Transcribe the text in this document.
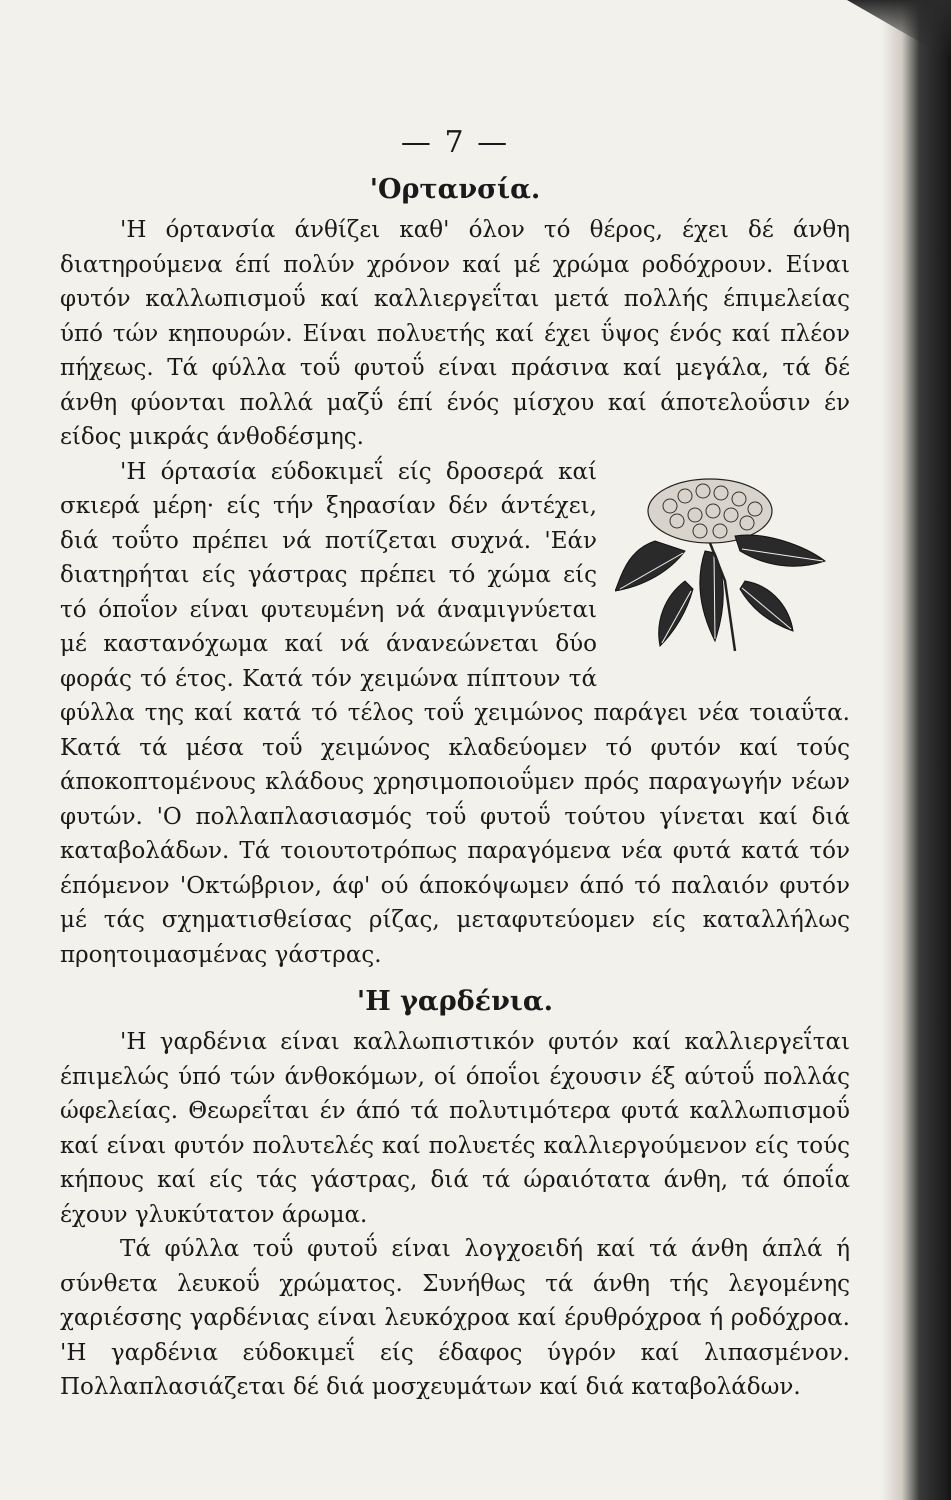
— 7 —
'Ορτανσία.

'Η όρτανσία άνθίζει καθ' όλον τό θέρος, έχει δέ άνθη διατηρούμενα έπί πολύν χρόνον καί μέ χρώμα ροδόχρουν. Είναι φυτόν καλλωπισμοΰ καί καλλιεργεΐται μετά πολλής έπιμελείας ύπό τών κηπουρών. Είναι πολυετής καί έχει ΰψος ένός καί πλέον πήχεως. Τά φύλλα τοΰ φυτοΰ είναι πράσινα καί μεγάλα, τά δέ άνθη φύονται πολλά μαζΰ έπί ένός μίσχου καί άποτελοΰσιν έν είδος μικράς άνθοδέσμης.

'Η όρτασία εύδοκιμεΐ είς δροσερά καί σκιερά μέρη· είς τήν ξηρασίαν δέν άντέχει, διά τοΰτο πρέπει νά ποτίζεται συχνά. 'Εάν διατηρήται είς γάστρας πρέπει τό χώμα είς τό όποΐον είναι φυτευμένη νά άναμιγνύεται μέ καστανόχωμα καί νά άνανεώνεται δύο φοράς τό έτος. Κατά τόν χειμώνα πίπτουν τά φύλλα της καί κατά τό τέλος τοΰ χειμώνος παράγει νέα τοιαΰτα. Κατά τά μέσα τοΰ χειμώνος κλαδεύομεν τό φυτόν καί τούς άποκοπτομένους κλάδους χρησιμοποιοΰμεν πρός παραγωγήν νέων φυτών. 'Ο πολλαπλασιασμός τοΰ φυτοΰ τούτου γίνεται καί διά καταβολάδων. Τά τοιουτοτρόπως παραγόμενα νέα φυτά κατά τόν έπόμενον 'Οκτώβριον, άφ' ού άποκόψωμεν άπό τό παλαιόν φυτόν μέ τάς σχηματισθείσας ρίζας, μεταφυτεύομεν είς καταλλήλως προητοιμασμένας γάστρας.

'Η γαρδένια.

'Η γαρδένια είναι καλλωπιστικόν φυτόν καί καλλιεργεΐται έπιμελώς ύπό τών άνθοκόμων, οί όποΐοι έχουσιν έξ αύτοΰ πολλάς ώφελείας. Θεωρεΐται έν άπό τά πολυτιμότερα φυτά καλλωπισμοΰ καί είναι φυτόν πολυτελές καί πολυετές καλλιεργούμενον είς τούς κήπους καί είς τάς γάστρας, διά τά ώραιότατα άνθη, τά όποΐα έχουν γλυκύτατον άρωμα.

Τά φύλλα τοΰ φυτοΰ είναι λογχοειδή καί τά άνθη άπλά ή σύνθετα λευκοΰ χρώματος. Συνήθως τά άνθη τής λεγομένης χαριέσσης γαρδένιας είναι λευκόχροα καί έρυθρόχροα ή ροδόχροα. 'Η γαρδένια εύδοκιμεΐ είς έδαφος ύγρόν καί λιπασμένον. Πολλαπλασιάζεται δέ διά μοσχευμάτων καί διά καταβολάδων.
